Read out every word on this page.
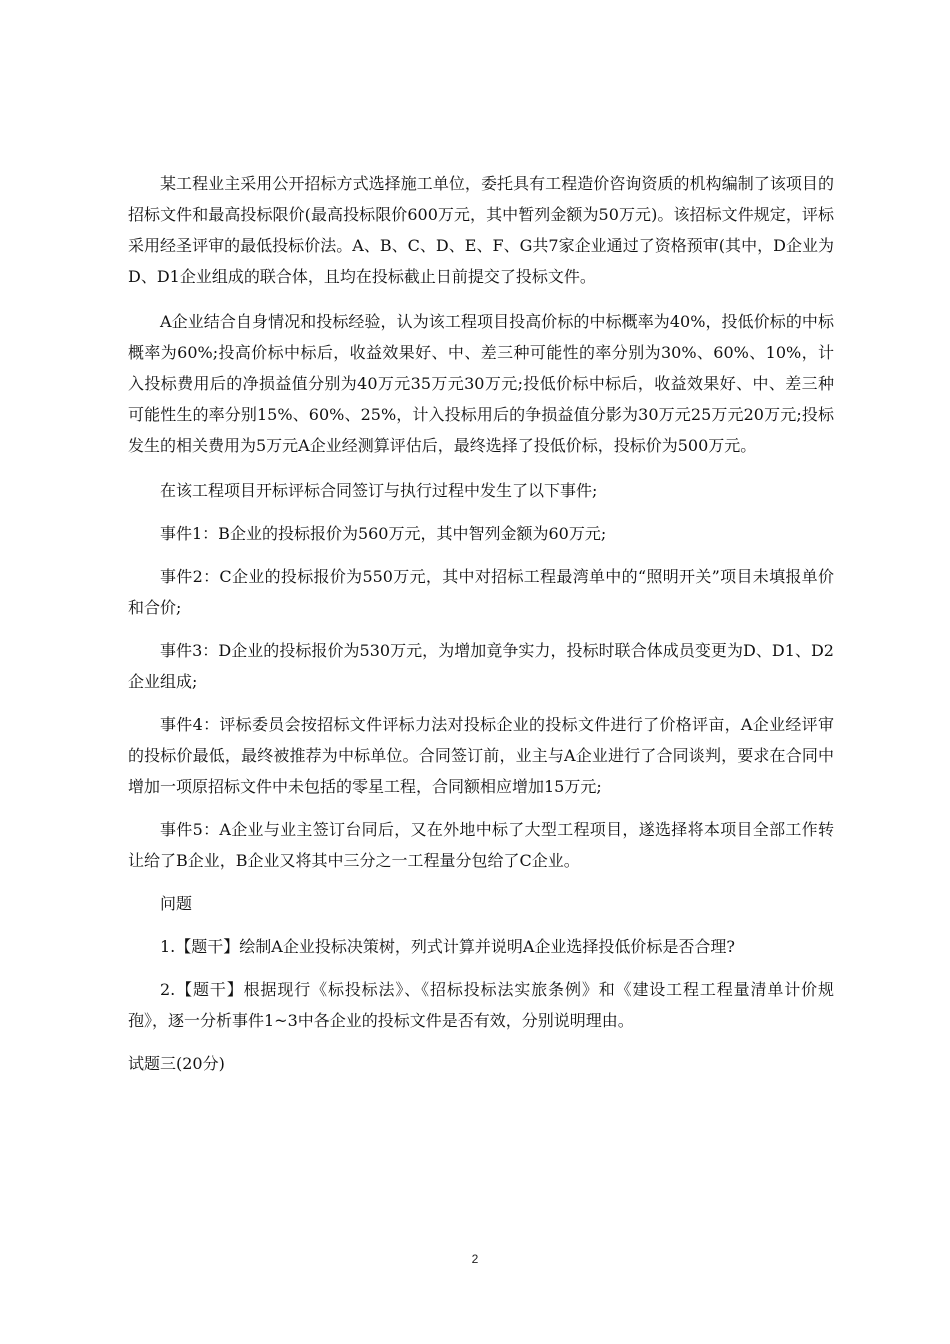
某工程业主采用公开招标方式选择施工单位，委托具有工程造价咨询资质的机构编制了该项目的招标文件和最高投标限价(最高投标限价600万元，其中暂列金额为50万元)。该招标文件规定，评标采用经圣评审的最低投标价法。A、B、C、D、E、F、G共7家企业通过了资格预审(其中，D企业为D、D1企业组成的联合体，且均在投标截止日前提交了投标文件。

A企业结合自身情况和投标经验，认为该工程项目投高价标的中标概率为40%，投低价标的中标概率为60%;投高价标中标后，收益效果好、中、差三种可能性的率分别为30%、60%、10%，计入投标费用后的净损益值分别为40万元35万元30万元;投低价标中标后，收益效果好、中、差三种可能性生的率分别15%、60%、25%，计入投标用后的争损益值分影为30万元25万元20万元;投标发生的相关费用为5万元A企业经测算评估后，最终选择了投低价标，投标价为500万元。

在该工程项目开标评标合同签订与执行过程中发生了以下事件;

事件1：B企业的投标报价为560万元，其中智列金额为60万元;

事件2：C企业的投标报价为550万元，其中对招标工程最湾单中的“照明开关”项目未填报单价和合价;

事件3：D企业的投标报价为530万元，为增加竟争实力，投标时联合体成员变更为D、D1、D2企业组成;

事件4：评标委员会按招标文件评标力法对投标企业的投标文件进行了价格评亩，A企业经评审的投标价最低，最终被推荐为中标单位。合同签订前，业主与A企业进行了合同谈判，要求在合同中增加一项原招标文件中未包括的零星工程，合同额相应增加15万元;

事件5：A企业与业主签订台同后，又在外地中标了大型工程项目，遂选择将本项目全部工作转让给了B企业，B企业又将其中三分之一工程量分包给了C企业。

问题

1.【题干】绘制A企业投标决策树，列式计算并说明A企业选择投低价标是否合理?

2.【题干】根据现行《标投标法》、《招标投标法实旅条例》和《建设工程工程量清单计价规孢》，逐一分析事件1~3中各企业的投标文件是否有效，分别说明理由。

试题三(20分)

2
